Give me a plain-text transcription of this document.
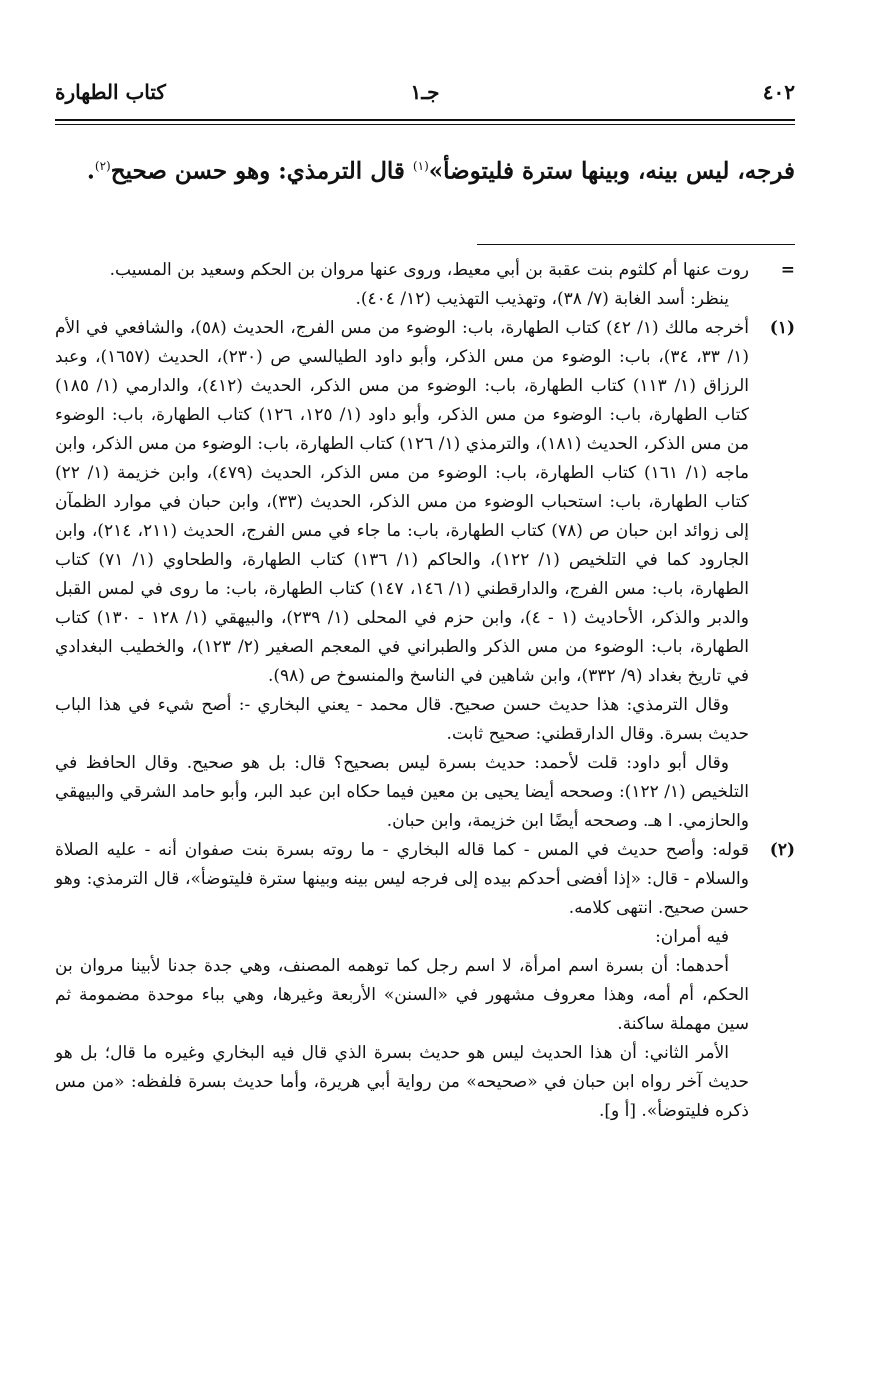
٤٠٢
جـ١
كتاب الطهارة
فرجه، ليس بينه، وبينها سترة فليتوضأ»$^{(١)}$ قال الترمذي: وهو حسن صحيح$^{(٢)}$.
=

روت عنها أم كلثوم بنت عقبة بن أبي معيط، وروى عنها مروان بن الحكم وسعيد بن المسيب.

ينظر: أسد الغابة (٧/ ٣٨)، وتهذيب التهذيب (١٢/ ٤٠٤).

(١)

أخرجه مالك (١/ ٤٢) كتاب الطهارة، باب: الوضوء من مس الفرج، الحديث (٥٨)، والشافعي في الأم (١/ ٣٣، ٣٤)، باب: الوضوء من مس الذكر، وأبو داود الطيالسي ص (٢٣٠)، الحديث (١٦٥٧)، وعبد الرزاق (١/ ١١٣) كتاب الطهارة، باب: الوضوء من مس الذكر، الحديث (٤١٢)، والدارمي (١/ ١٨٥) كتاب الطهارة، باب: الوضوء من مس الذكر، وأبو داود (١/ ١٢٥، ١٢٦) كتاب الطهارة، باب: الوضوء من مس الذكر، الحديث (١٨١)، والترمذي (١/ ١٢٦) كتاب الطهارة، باب: الوضوء من مس الذكر، وابن ماجه (١/ ١٦١) كتاب الطهارة، باب: الوضوء من مس الذكر، الحديث (٤٧٩)، وابن خزيمة (١/ ٢٢) كتاب الطهارة، باب: استحباب الوضوء من مس الذكر، الحديث (٣٣)، وابن حبان في موارد الظمآن إلى زوائد ابن حبان ص (٧٨) كتاب الطهارة، باب: ما جاء في مس الفرج، الحديث (٢١١، ٢١٤)، وابن الجارود كما في التلخيص (١/ ١٢٢)، والحاكم (١/ ١٣٦) كتاب الطهارة، والطحاوي (١/ ٧١) كتاب الطهارة، باب: مس الفرج، والدارقطني (١/ ١٤٦، ١٤٧) كتاب الطهارة، باب: ما روى في لمس القبل والدبر والذكر، الأحاديث (١ - ٤)، وابن حزم في المحلى (١/ ٢٣٩)، والبيهقي (١/ ١٢٨ - ١٣٠) كتاب الطهارة، باب: الوضوء من مس الذكر والطبراني في المعجم الصغير (٢/ ١٢٣)، والخطيب البغدادي في تاريخ بغداد (٩/ ٣٣٢)، وابن شاهين في الناسخ والمنسوخ ص (٩٨).

وقال الترمذي: هذا حديث حسن صحيح. قال محمد - يعني البخاري -: أصح شيء في هذا الباب حديث بسرة. وقال الدارقطني: صحيح ثابت.

وقال أبو داود: قلت لأحمد: حديث بسرة ليس بصحيح؟ قال: بل هو صحيح. وقال الحافظ في التلخيص (١/ ١٢٢): وصححه أيضا يحيى بن معين فيما حكاه ابن عبد البر، وأبو حامد الشرقي والبيهقي والحازمي. ا هـ. وصححه أيضًا ابن خزيمة، وابن حبان.

(٢)

قوله: وأصح حديث في المس - كما قاله البخاري - ما روته بسرة بنت صفوان أنه - عليه الصلاة والسلام - قال: «إذا أفضى أحدكم بيده إلى فرجه ليس بينه وبينها سترة فليتوضأ»، قال الترمذي: وهو حسن صحيح. انتهى كلامه.

فيه أمران:

أحدهما: أن بسرة اسم امرأة، لا اسم رجل كما توهمه المصنف، وهي جدة جدنا لأبينا مروان بن الحكم، أم أمه، وهذا معروف مشهور في «السنن» الأربعة وغيرها، وهي بباء موحدة مضمومة ثم سين مهملة ساكنة.

الأمر الثاني: أن هذا الحديث ليس هو حديث بسرة الذي قال فيه البخاري وغيره ما قال؛ بل هو حديث آخر رواه ابن حبان في «صحيحه» من رواية أبي هريرة، وأما حديث بسرة فلفظه: «من مس ذكره فليتوضأ». [أ و].
